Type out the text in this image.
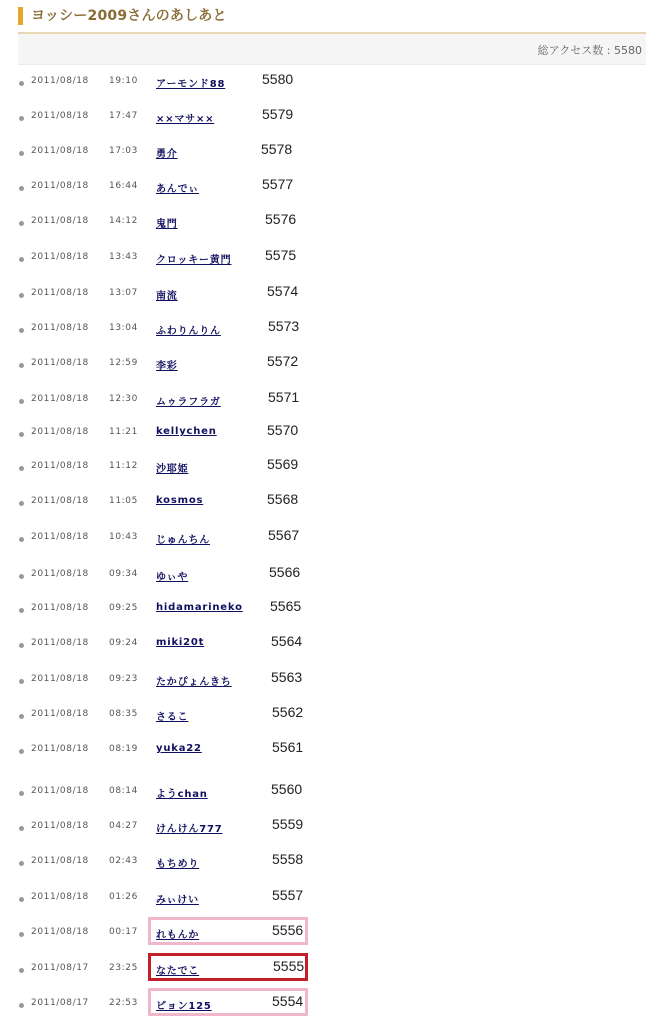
ヨッシー2009さんのあしあと
総アクセス数 : 5580
2011/08/18 19:10 アーモンド88	5580
2011/08/18 17:47 ××マサ××	5579
2011/08/18 17:03 勇介	5578
2011/08/18 16:44 あんでぃ	5577
2011/08/18 14:12 鬼門	5576
2011/08/18 13:43 クロッキー黄門 5575
2011/08/18 13:07 南流	5574
2011/08/18 13:04 ふわりんりん	5573
2011/08/18 12:59 李彩	5572
2011/08/18 12:30 ムゥラフラガ	5571
2011/08/18 11:21 kellychen	5570
2011/08/18 11:12 沙耶姫	5569
2011/08/18 11:05 kosmos	5568
2011/08/18 10:43 じゅんちん	5567
2011/08/18 09:34 ゆぃや	5566
2011/08/18 09:25 hidamarineko 5565
2011/08/18 09:24 miki20t	5564
2011/08/18 09:23 たかぴょんきち	5563
2011/08/18 08:35 さるこ	5562
2011/08/18 08:19 yuka22	5561
2011/08/18 08:14 ようchan	5560
2011/08/18 04:27 けんけん777	5559
2011/08/18 02:43 もちめり	5558
2011/08/18 01:26 みぃけい	5557
2011/08/18 00:17 れもんか	5556
2011/08/17 23:25 なたでこ	5555
2011/08/17 22:53 ピョン125	5554
